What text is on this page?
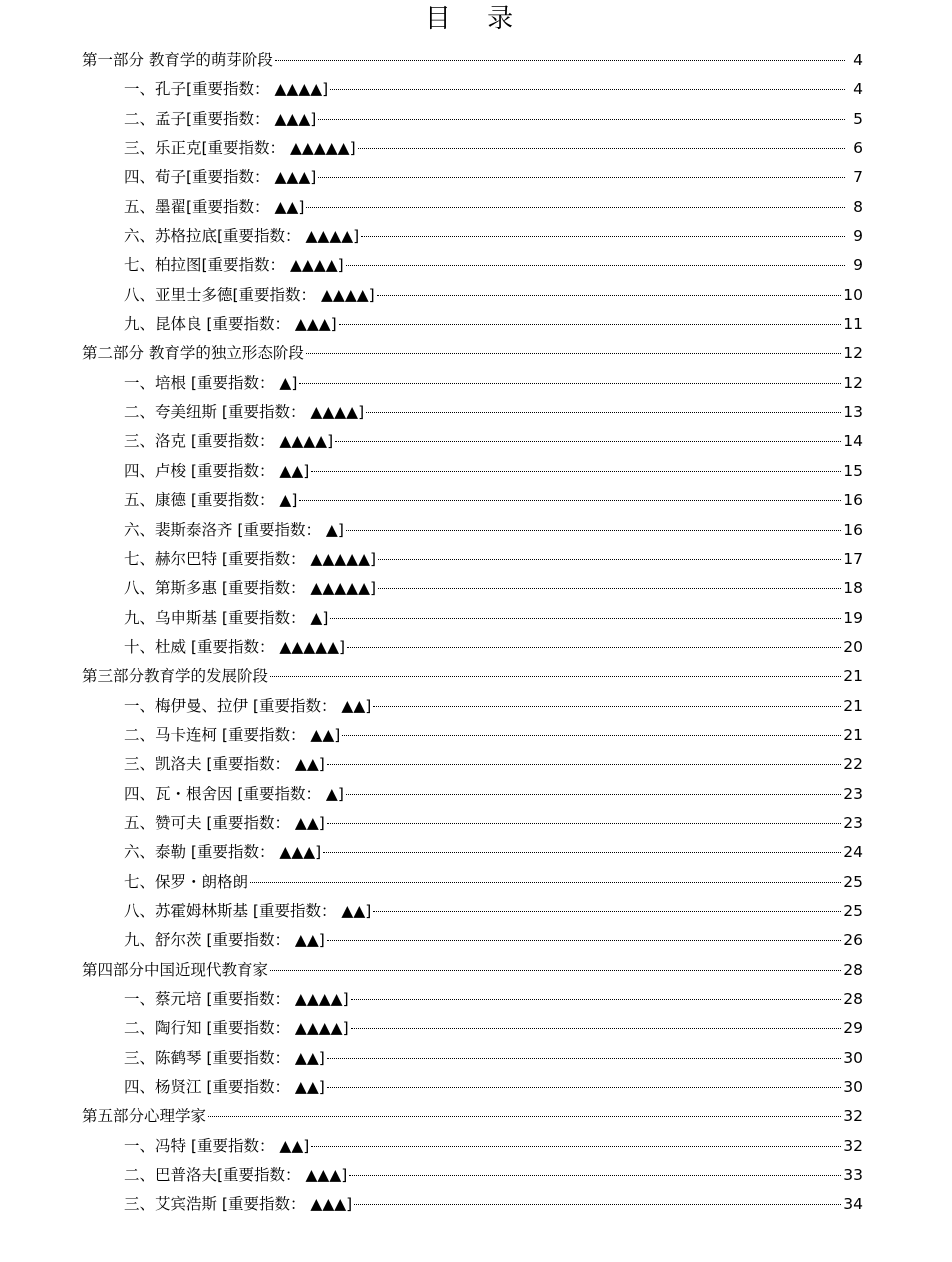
目 录
第一部分 教育学的萌芽阶段	4
一、孔子[重要指数： ▲▲▲▲]	4
二、孟子[重要指数： ▲▲▲]	5
三、乐正克[重要指数： ▲▲▲▲▲]	6
四、荀子[重要指数： ▲▲▲]	7
五、墨翟[重要指数： ▲▲]	8
六、苏格拉底[重要指数： ▲▲▲▲]	9
七、柏拉图[重要指数： ▲▲▲▲]	9
八、亚里士多德[重要指数： ▲▲▲▲]	10
九、昆体良 [重要指数： ▲▲▲]	11
第二部分 教育学的独立形态阶段	12
一、培根 [重要指数： ▲]	12
二、夸美纽斯 [重要指数： ▲▲▲▲]	13
三、洛克 [重要指数： ▲▲▲▲]	14
四、卢梭 [重要指数： ▲▲]	15
五、康德 [重要指数： ▲]	16
六、裴斯泰洛齐 [重要指数： ▲]	16
七、赫尔巴特 [重要指数： ▲▲▲▲▲]	17
八、第斯多惠 [重要指数： ▲▲▲▲▲]	18
九、乌申斯基 [重要指数： ▲]	19
十、杜威 [重要指数： ▲▲▲▲▲]	20
第三部分教育学的发展阶段	21
一、梅伊曼、拉伊 [重要指数： ▲▲]	21
二、马卡连柯 [重要指数： ▲▲]	21
三、凯洛夫 [重要指数： ▲▲]	22
四、瓦・根舍因 [重要指数： ▲]	23
五、赞可夫 [重要指数： ▲▲]	23
六、泰勒 [重要指数： ▲▲▲]	24
七、保罗・朗格朗	25
八、苏霍姆林斯基 [重要指数： ▲▲]	25
九、舒尔茨 [重要指数： ▲▲]	26
第四部分中国近现代教育家	28
一、蔡元培 [重要指数： ▲▲▲▲]	28
二、陶行知 [重要指数： ▲▲▲▲]	29
三、陈鹤琴 [重要指数： ▲▲]	30
四、杨贤江 [重要指数： ▲▲]	30
第五部分心理学家	32
一、冯特 [重要指数： ▲▲]	32
二、巴普洛夫[重要指数： ▲▲▲]	33
三、艾宾浩斯 [重要指数： ▲▲▲]	34
